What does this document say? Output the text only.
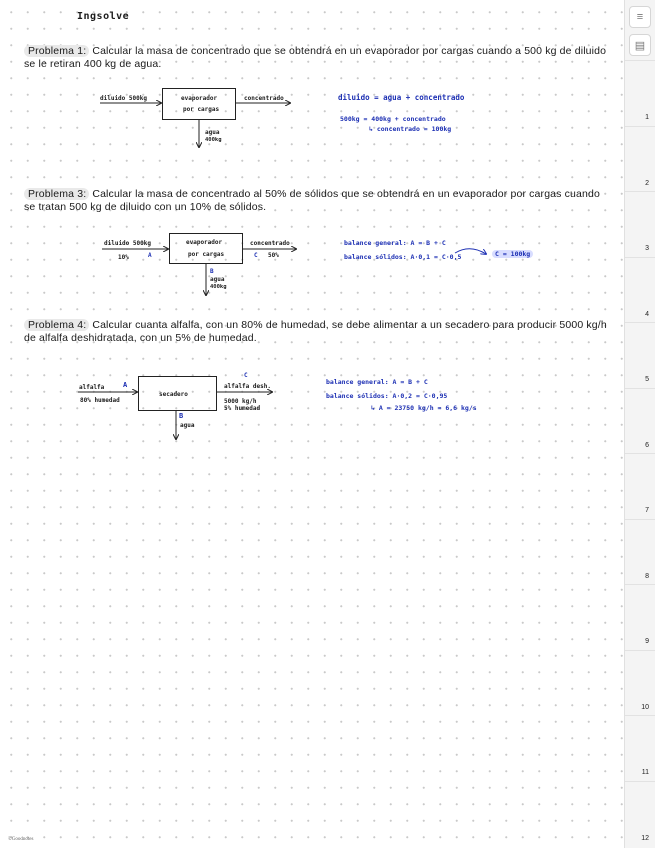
Ingsolve
Problema 1: Calcular la masa de concentrado que se obtendrá en un evaporador por cargas cuando a 500 kg de diluido se le retiran 400 kg de agua.
diluido 500kg	evaporador
por cargas
concentrado
agua
400kg
diluido = agua + concentrado
500kg = 400kg + concentrado
↳ concentrado = 100kg
Problema 3: Calcular la masa de concentrado al 50% de sólidos que se obtendrá en un evaporador por cargas cuando se tratan 500 kg de diluido con un 10% de sólidos.
diluido 500kg
10%	A
evaporador
por cargas
concentrado
C 50%
B
agua
400kg
balance general: A = B + C
balance sólidos: A·0,1 = C·0,5	C = 100kg
Problema 4: Calcular cuanta alfalfa, con un 80% de humedad, se debe alimentar a un secadero para producir 5000 kg/h de alfalfa deshidratada, con un 5% de humedad.
alfalfa	A
80% humedad
secadero
C
alfalfa desh.
5000 kg/h
5% humedad
B
agua
balance general: A = B + C
balance sólidos: A·0,2 = C·0,95
↳ A = 23750 kg/h = 6,6 kg/s
©Goodnotes
≡
▤
1
2
3
4
5
6
7
8
9
10
11
12
